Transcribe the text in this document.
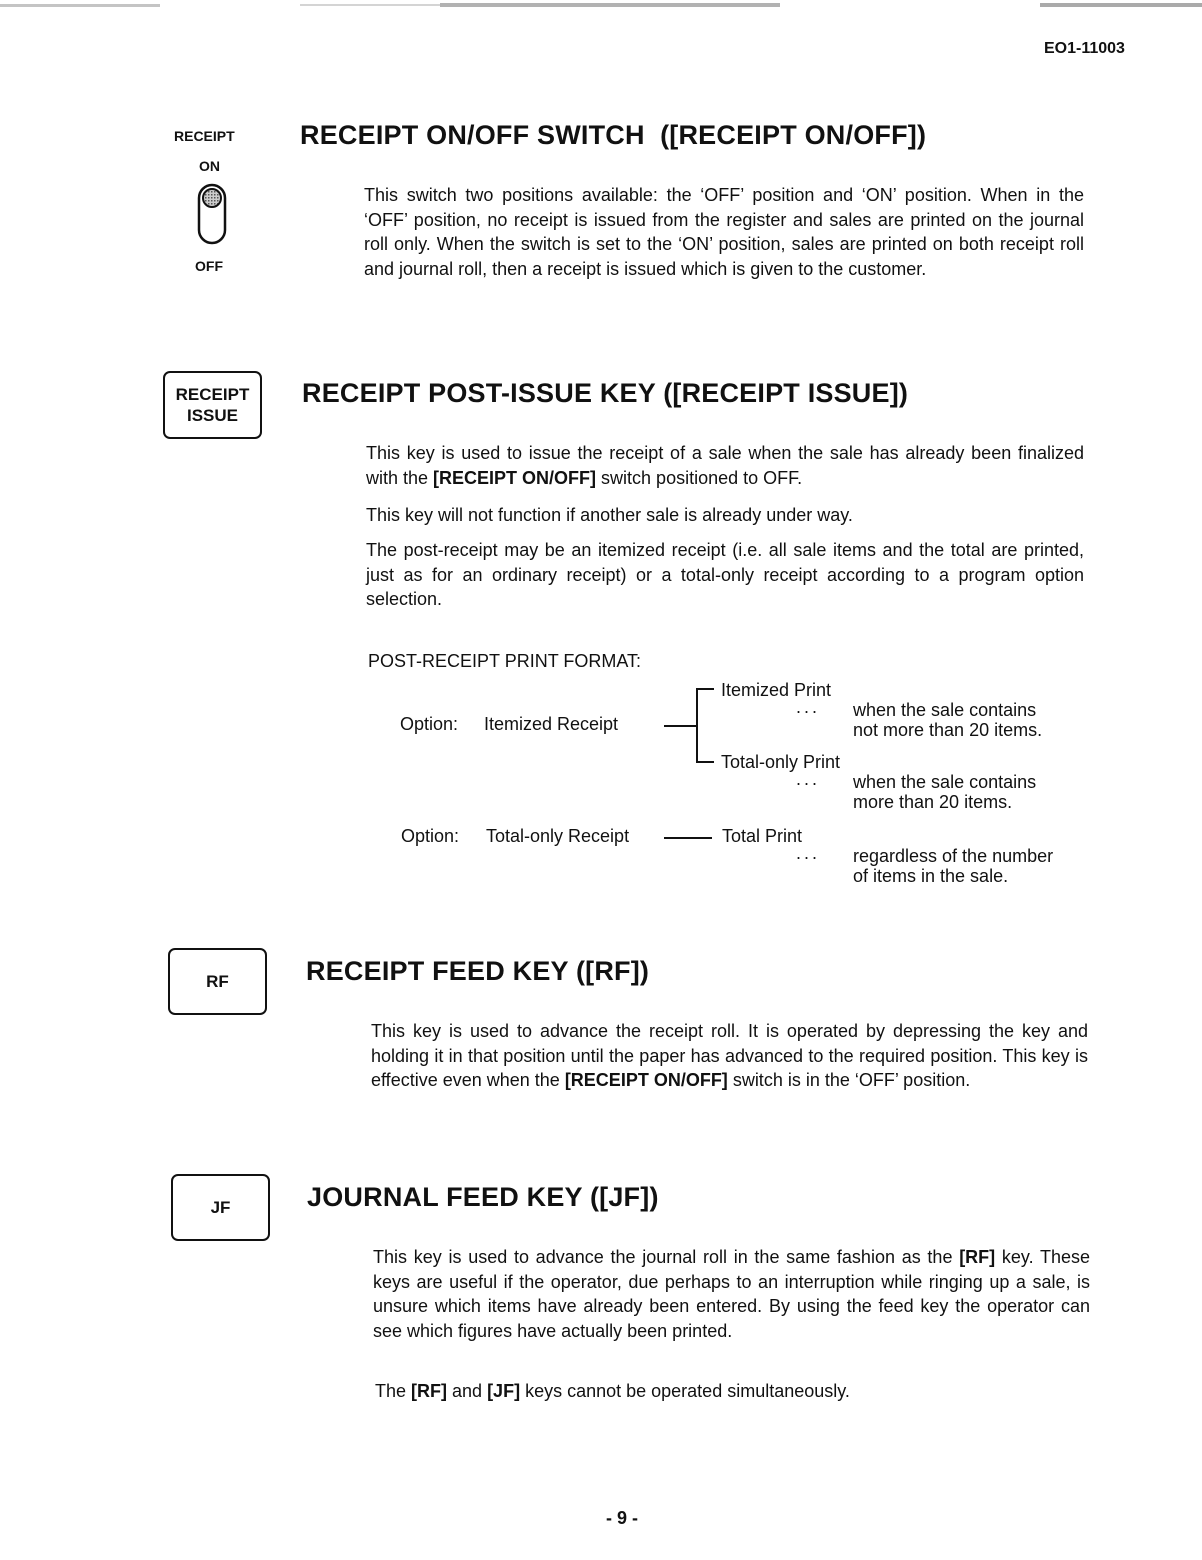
EO1-11003
RECEIPT
ON
OFF
RECEIPT ON/OFF SWITCH  ([RECEIPT ON/OFF])

This switch two positions available: the ‘OFF’ position and ‘ON’ position. When in the ‘OFF’ position, no receipt is issued from the register and sales are printed on the journal roll only. When the switch is set to the ‘ON’ position, sales are printed on both receipt roll and journal roll, then a receipt is issued which is given to the customer.

RECEIPT
ISSUE
RECEIPT POST-ISSUE KEY ([RECEIPT ISSUE])

This key is used to issue the receipt of a sale when the sale has already been finalized with the [RECEIPT ON/OFF] switch positioned to OFF.

This key will not function if another sale is already under way.

The post-receipt may be an itemized receipt (i.e. all sale items and the total are printed, just as for an ordinary receipt) or a total-only receipt according to a program option selection.

POST-RECEIPT PRINT FORMAT:
Option: Itemized Receipt
Itemized Print
... when the sale contains
not more than 20 items.
Total-only Print
... when the sale contains
more than 20 items.
Option: Total-only Receipt	Total Print
... regardless of the number
of items in the sale.
RF	RECEIPT FEED KEY ([RF])

This key is used to advance the receipt roll. It is operated by depressing the key and holding it in that position until the paper has advanced to the required position. This key is effective even when the [RECEIPT ON/OFF] switch is in the ‘OFF’ position.

JF	JOURNAL FEED KEY ([JF])

This key is used to advance the journal roll in the same fashion as the [RF] key. These keys are useful if the operator, due perhaps to an interruption while ringing up a sale, is unsure which items have already been entered. By using the feed key the operator can see which figures have actually been printed.

The [RF] and [JF] keys cannot be operated simultaneously.

- 9 -
